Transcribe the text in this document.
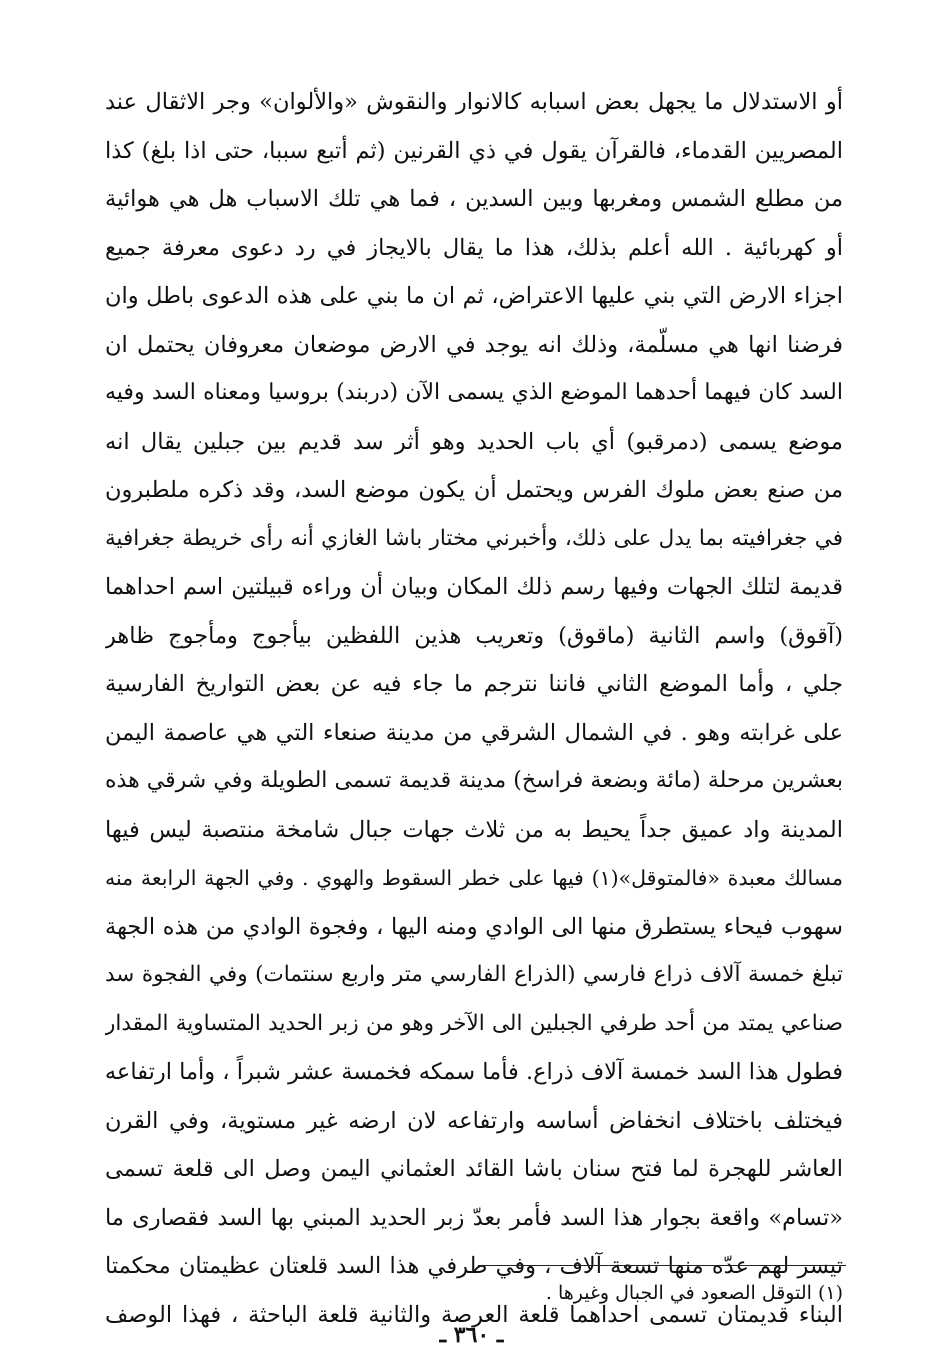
أو الاستدلال ما يجهل بعض اسبابه كالانوار والنقوش «والألوان» وجر الاثقال عند
المصريين القدماء، فالقرآن يقول في ذي القرنين (ثم أتبع سببا، حتى اذا بلغ) كذا
من مطلع الشمس ومغربها وبين السدين ، فما هي تلك الاسباب هل هي هوائية
أو كهربائية . الله أعلم بذلك، هذا ما يقال بالايجاز في رد دعوى معرفة جميع
اجزاء الارض التي بني عليها الاعتراض، ثم ان ما بني على هذه الدعوى باطل وان
فرضنا انها هي مسلّمة، وذلك انه يوجد في الارض موضعان معروفان يحتمل ان
السد كان فيهما أحدهما الموضع الذي يسمى الآن (دربند) بروسيا ومعناه السد وفيه
موضع يسمى (دمرقبو) أي باب الحديد وهو أثر سد قديم بين جبلين يقال انه
من صنع بعض ملوك الفرس ويحتمل أن يكون موضع السد، وقد ذكره ملطبرون
في جغرافيته بما يدل على ذلك، وأخبرني مختار باشا الغازي أنه رأى خريطة جغرافية
قديمة لتلك الجهات وفيها رسم ذلك المكان وبيان أن وراءه قبيلتين اسم احداهما
(آقوق) واسم الثانية (ماقوق) وتعريب هذين اللفظين بيأجوج ومأجوج ظاهر
جلي ، وأما الموضع الثاني فاننا نترجم ما جاء فيه عن بعض التواريخ الفارسية
على غرابته وهو . في الشمال الشرقي من مدينة صنعاء التي هي عاصمة اليمن
بعشرين مرحلة (مائة وبضعة فراسخ) مدينة قديمة تسمى الطويلة وفي شرقي هذه
المدينة واد عميق جداً يحيط به من ثلاث جهات جبال شامخة منتصبة ليس فيها
مسالك معبدة «فالمتوقل»(١) فيها على خطر السقوط والهوي . وفي الجهة الرابعة منه
سهوب فيحاء يستطرق منها الى الوادي ومنه اليها ، وفجوة الوادي من هذه الجهة
تبلغ خمسة آلاف ذراع فارسي (الذراع الفارسي متر واربع سنتمات) وفي الفجوة سد
صناعي يمتد من أحد طرفي الجبلين الى الآخر وهو من زبر الحديد المتساوية المقدار
فطول هذا السد خمسة آلاف ذراع. فأما سمكه فخمسة عشر شبراً ، وأما ارتفاعه
فيختلف باختلاف انخفاض أساسه وارتفاعه لان ارضه غير مستوية، وفي القرن
العاشر للهجرة لما فتح سنان باشا القائد العثماني اليمن وصل الى قلعة تسمى
«تسام» واقعة بجوار هذا السد فأمر بعدّ زبر الحديد المبني بها السد فقصارى ما
تيسر لهم عدّه منها تسعة آلاف ، وفي طرفي هذا السد قلعتان عظيمتان محكمتا
البناء قديمتان تسمى احداهما قلعة العرصة والثانية قلعة الباحثة ، فهذا الوصف
(١) التوقل الصعود في الجبال وغيرها .
ـ ٣٦٠ ـ
